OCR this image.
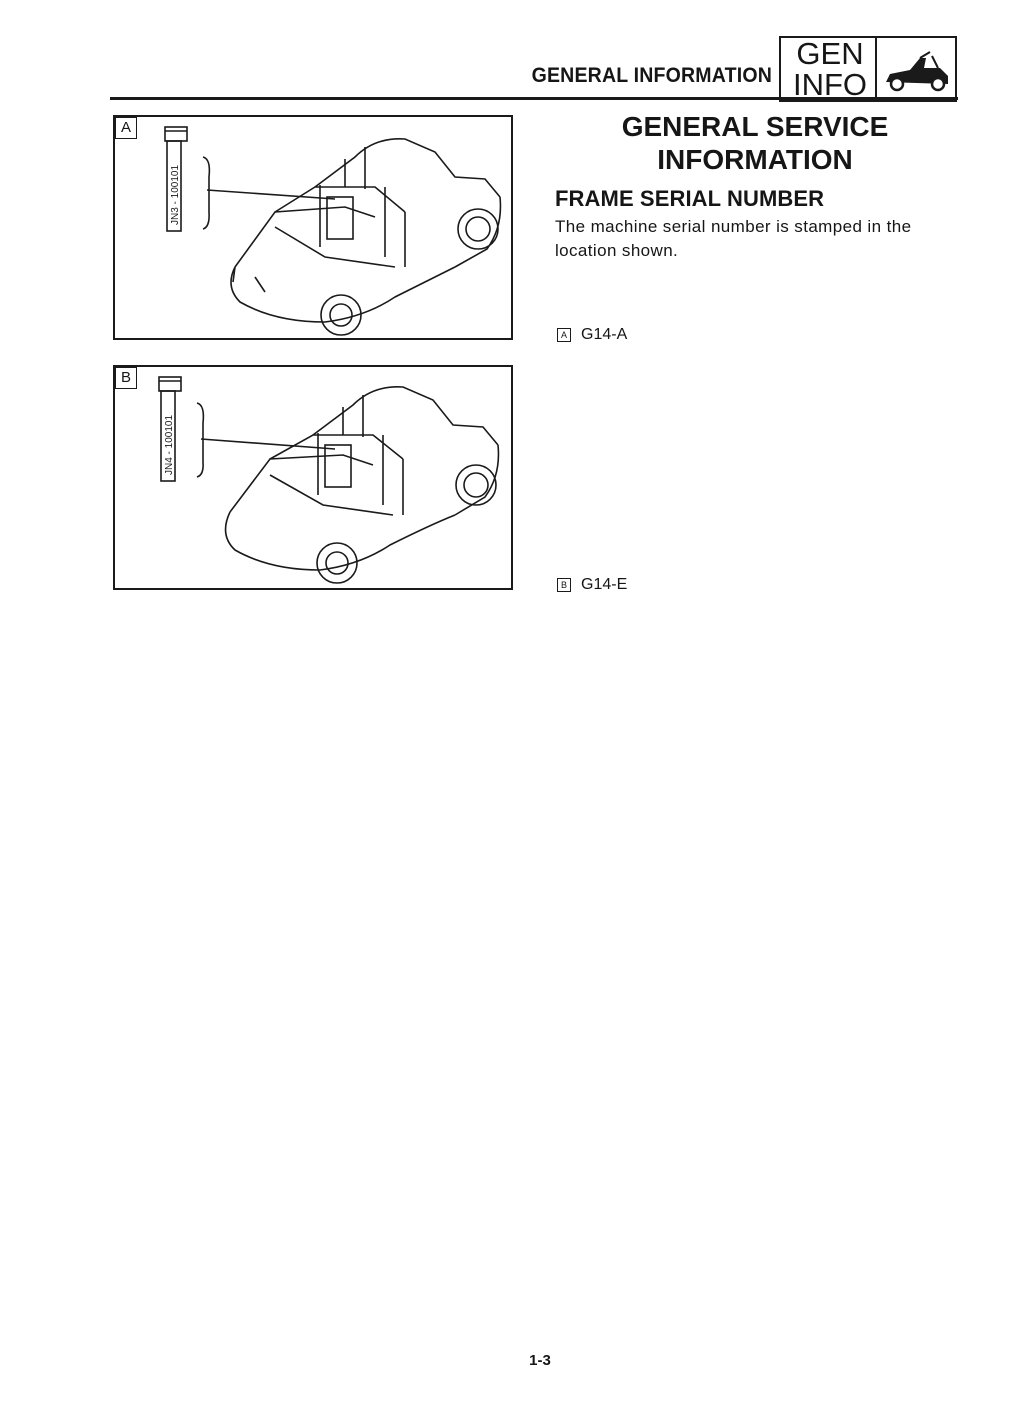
GENERAL INFORMATION
GEN
INFO
JN3 - 100101
A
JN4 - 100101
B
GENERAL SERVICE
INFORMATION
FRAME SERIAL NUMBER
The machine serial number is stamped in the location shown.
A G14-A
B G14-E
1-3
